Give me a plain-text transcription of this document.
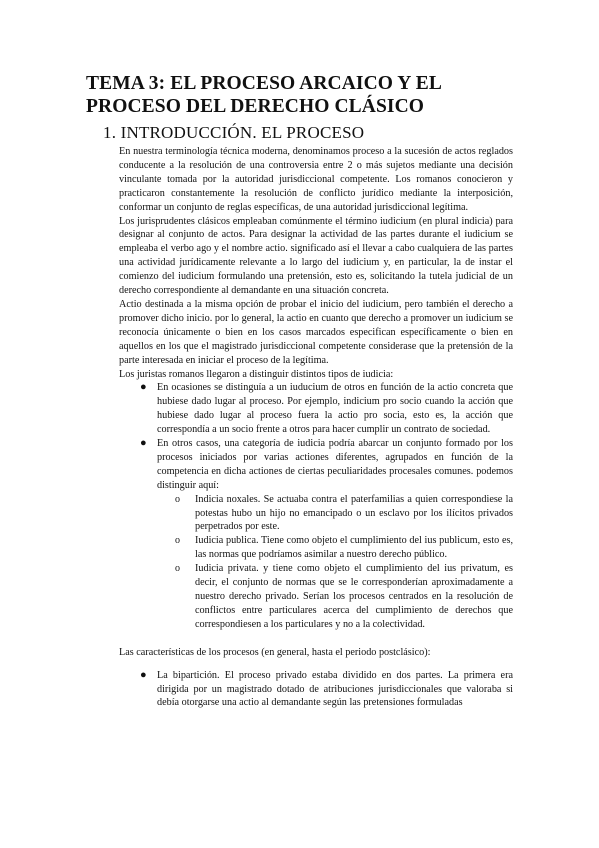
TEMA 3: EL PROCESO ARCAICO Y EL PROCESO DEL DERECHO CLÁSICO
1. INTRODUCCIÓN. EL PROCESO

En nuestra terminología técnica moderna, denominamos proceso a la sucesión de actos reglados conducente a la resolución de una controversia entre 2 o más sujetos mediante una decisión vinculante tomada por la autoridad jurisdiccional competente. Los romanos conocieron y practicaron constantemente la resolución de conflicto jurídico mediante la interposición, conformar un conjunto de reglas específicas, de una autoridad jurisdiccional legítima.

Los jurisprudentes clásicos empleaban comúnmente el término iudicium (en plural indicia) para designar al conjunto de actos. Para designar la actividad de las partes durante el iudicium se empleaba el verbo ago y el nombre actio. significado así el llevar a cabo cualquiera de las partes una actividad jurídicamente relevante a lo largo del iudicium y, en particular, la de instar el comienzo del iudicium formulando una pretensión, esto es, solicitando la tutela judicial de un derecho correspondiente al demandante en una situación concreta.

Actio destinada a la misma opción de probar el inicio del iudicium, pero también el derecho a promover dicho inicio. por lo general, la actio en cuanto que derecho a promover un iudicium se reconocía únicamente o bien en los casos marcados especifican específicamente o bien en aquellos en los que el magistrado jurisdiccional competente considerase que la pretensión de la parte interesada en iniciar el proceso de la legítima.

Los juristas romanos llegaron a distinguir distintos tipos de iudicia:

● En ocasiones se distinguía a un iuducium de otros en función de la actio concreta que hubiese dado lugar al proceso. Por ejemplo, indicium pro socio cuando la acción que hubiese dado lugar al proceso fuera la actio pro socia, esto es, la acción que correspondía a un socio frente a otros para hacer cumplir un contrato de sociedad.
● En otros casos, una categoría de iudicia podría abarcar un conjunto formado por los procesos iniciados por varias actiones diferentes, agrupados en función de la competencia en dicha actiones de ciertas peculiaridades procesales comunes. podemos distinguir aquí:
o Indicia noxales. Se actuaba contra el paterfamilias a quien correspondiese la potestas hubo un hijo no emancipado o un esclavo por los ilícitos privados perpetrados por este.
o Iudicia publica. Tiene como objeto el cumplimiento del ius publicum, esto es, las normas que podríamos asimilar a nuestro derecho público.
o Iudicia privata. y tiene como objeto el cumplimiento del ius privatum, es decir, el conjunto de normas que se le corresponderían aproximadamente a nuestro derecho privado. Serían los procesos centrados en la resolución de conflictos entre particulares acerca del cumplimiento de derechos que correspondiesen a los particulares y no a la colectividad.

Las características de los procesos (en general, hasta el periodo postclásico):

● La bipartición. El proceso privado estaba dividido en dos partes. La primera era dirigida por un magistrado dotado de atribuciones jurisdiccionales que valoraba si debía otorgarse una actio al demandante según las pretensiones formuladas
